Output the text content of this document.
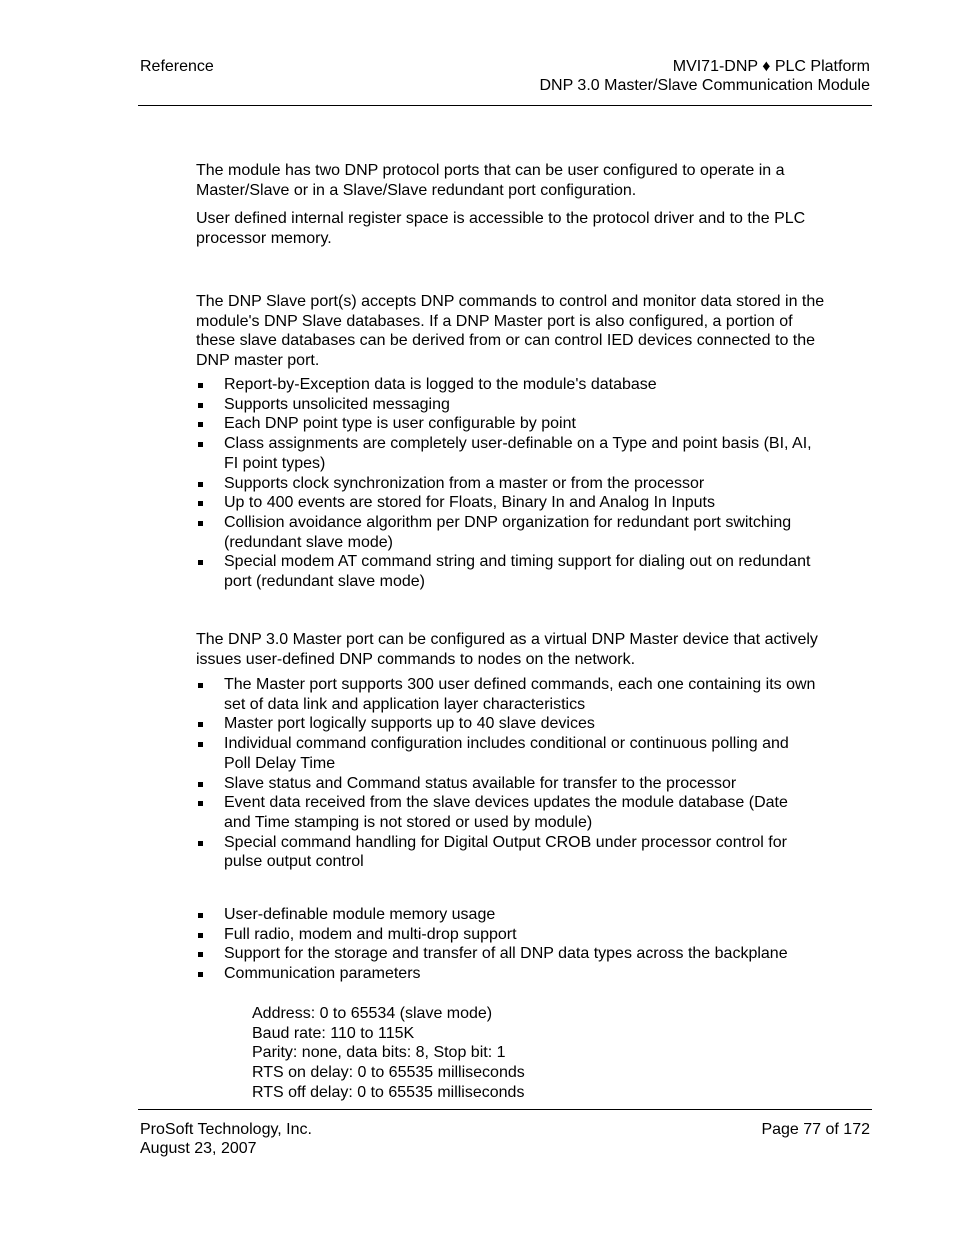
Reference	MVI71-DNP ♦ PLC Platform
DNP 3.0 Master/Slave Communication Module

The module has two DNP protocol ports that can be user configured to operate in a Master/Slave or in a Slave/Slave redundant port configuration.

User defined internal register space is accessible to the protocol driver and to the PLC processor memory.

The DNP Slave port(s) accepts DNP commands to control and monitor data stored in the module's DNP Slave databases. If a DNP Master port is also configured, a portion of these slave databases can be derived from or can control IED devices connected to the DNP master port.
Report-by-Exception data is logged to the module's database
Supports unsolicited messaging
Each DNP point type is user configurable by point
Class assignments are completely user-definable on a Type and point basis (BI, AI, FI point types)
Supports clock synchronization from a master or from the processor
Up to 400 events are stored for Floats, Binary In and Analog In Inputs
Collision avoidance algorithm per DNP organization for redundant port switching (redundant slave mode)
Special modem AT command string and timing support for dialing out on redundant port (redundant slave mode)
The DNP 3.0 Master port can be configured as a virtual DNP Master device that actively issues user-defined DNP commands to nodes on the network.
The Master port supports 300 user defined commands, each one containing its own set of data link and application layer characteristics
Master port logically supports up to 40 slave devices
Individual command configuration includes conditional or continuous polling and Poll Delay Time
Slave status and Command status available for transfer to the processor
Event data received from the slave devices updates the module database (Date and Time stamping is not stored or used by module)
Special command handling for Digital Output CROB under processor control for pulse output control
User-definable module memory usage
Full radio, modem and multi-drop support
Support for the storage and transfer of all DNP data types across the backplane
Communication parameters
Address: 0 to 65534 (slave mode)
Baud rate: 110 to 115K
Parity: none, data bits: 8, Stop bit: 1
RTS on delay: 0 to 65535 milliseconds
RTS off delay: 0 to 65535 milliseconds
ProSoft Technology, Inc.
August 23, 2007
Page 77 of 172
